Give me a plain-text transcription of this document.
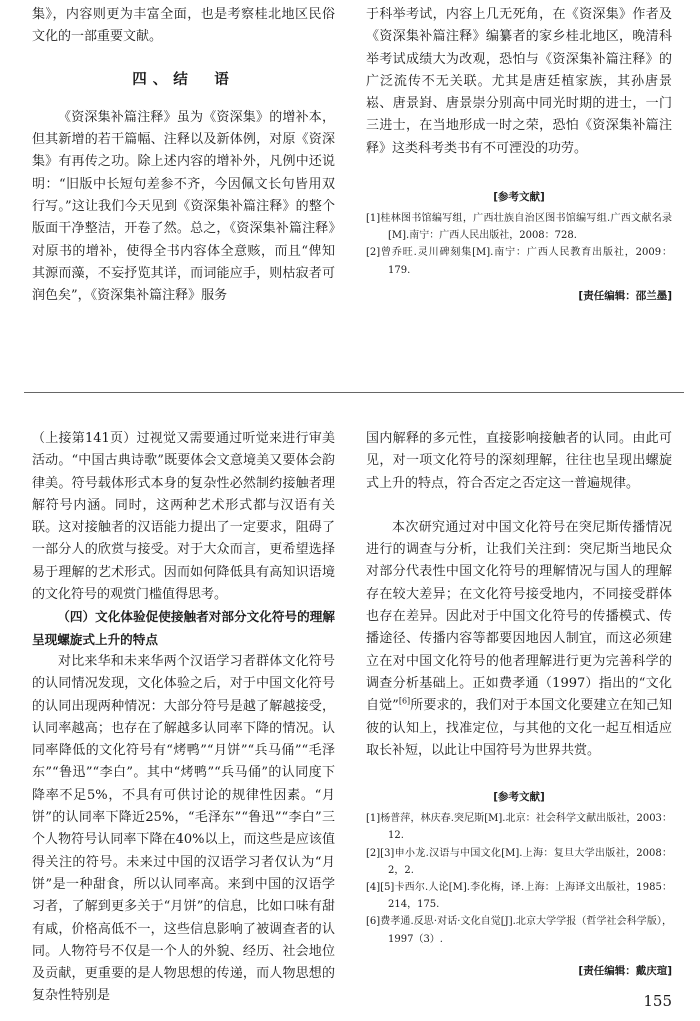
集》，内容则更为丰富全面，也是考察桂北地区民俗文化的一部重要文献。

四、结　语

《资深集补篇注释》虽为《资深集》的增补本，但其新增的若干篇幅、注释以及新体例，对原《资深集》有再传之功。除上述内容的增补外，凡例中还说明：“旧版中长短句差参不齐，今因佩文长句皆用双行写。”这让我们今天见到《资深集补篇注释》的整个版面干净整洁，开卷了然。总之，《资深集补篇注释》对原书的增补，使得全书内容体全意赅，而且“俾知其源而藻，不妄抒览其详，而词能应手，则枯寂者可润色矣”，《资深集补篇注释》服务

于科举考试，内容上几无死角，在《资深集》作者及《资深集补篇注释》编纂者的家乡桂北地区，晚清科举考试成绩大为改观，恐怕与《资深集补篇注释》的广泛流传不无关联。尤其是唐廷植家族，其孙唐景崧、唐景崶、唐景崇分别高中同光时期的进士，一门三进士，在当地形成一时之荣，恐怕《资深集补篇注释》这类科考类书有不可湮没的功劳。

[参考文献]
[1]桂林图书馆编写组，广西壮族自治区图书馆编写组.广西文献名录[M].南宁：广西人民出版社，2008：728.
[2]曾乔旺.灵川碑刻集[M].南宁：广西人民教育出版社，2009：179.
[责任编辑：邵兰墨]

（上接第141页）过视觉又需要通过听觉来进行审美活动。“中国古典诗歌”既要体会文意境美又要体会韵律美。符号载体形式本身的复杂性必然制约接触者理解符号内涵。同时，这两种艺术形式都与汉语有关联。这对接触者的汉语能力提出了一定要求，阻碍了一部分人的欣赏与接受。对于大众而言，更希望选择易于理解的艺术形式。因而如何降低具有高知识语境的文化符号的观赏门槛值得思考。

（四）文化体验促使接触者对部分文化符号的理解呈现螺旋式上升的特点

对比来华和未来华两个汉语学习者群体文化符号的认同情况发现，文化体验之后，对于中国文化符号的认同出现两种情况：大部分符号是越了解越接受，认同率越高；也存在了解越多认同率下降的情况。认同率降低的文化符号有“烤鸭”“月饼”“兵马俑”“毛泽东”“鲁迅”“李白”。其中“烤鸭”“兵马俑”的认同度下降率不足5%，不具有可供讨论的规律性因素。“月饼”的认同率下降近25%，“毛泽东”“鲁迅”“李白”三个人物符号认同率下降在40%以上，而这些是应该值得关注的符号。未来过中国的汉语学习者仅认为“月饼”是一种甜食，所以认同率高。来到中国的汉语学习者，了解到更多关于“月饼”的信息，比如口味有甜有咸，价格高低不一，这些信息影响了被调查者的认同。人物符号不仅是一个人的外貌、经历、社会地位及贡献，更重要的是人物思想的传递，而人物思想的复杂性特别是

国内解释的多元性，直接影响接触者的认同。由此可见，对一项文化符号的深刻理解，往往也呈现出螺旋式上升的特点，符合否定之否定这一普遍规律。

本次研究通过对中国文化符号在突尼斯传播情况进行的调查与分析，让我们关注到：突尼斯当地民众对部分代表性中国文化符号的理解情况与国人的理解存在较大差异；在文化符号接受地内，不同接受群体也存在差异。因此对于中国文化符号的传播模式、传播途径、传播内容等都要因地因人制宜，而这必须建立在对中国文化符号的他者理解进行更为完善科学的调查分析基础上。正如费孝通（1997）指出的“文化自觉”[6]所要求的，我们对于本国文化要建立在知己知彼的认知上，找准定位，与其他的文化一起互相适应取长补短，以此让中国符号为世界共赏。

[参考文献]
[1]杨普萍，林庆春.突尼斯[M].北京：社会科学文献出版社，2003：12.
[2][3]申小龙.汉语与中国文化[M].上海：复旦大学出版社，2008：2，2.
[4][5]卡西尔.人论[M].李化梅，译.上海：上海译文出版社，1985：214，175.
[6]费孝通.反思·对话·文化自觉[J].北京大学学报（哲学社会科学版），1997（3）.
[责任编辑：戴庆瑄]
155
